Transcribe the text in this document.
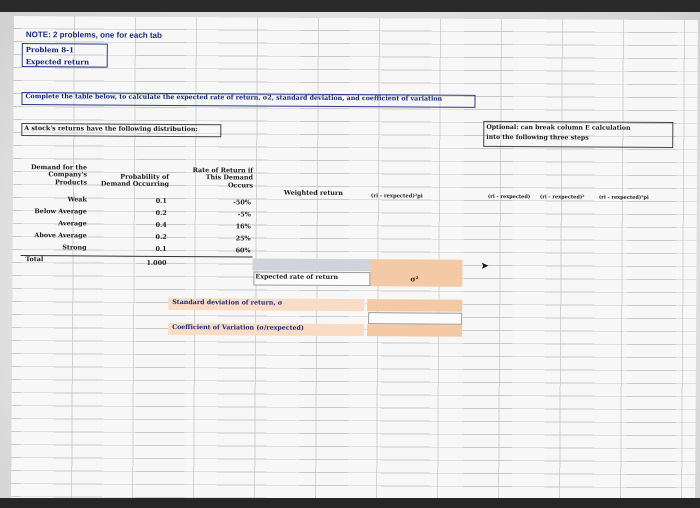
NOTE: 2 problems, one for each tab
Problem 8-1
Expected return
Complete the table below, to calculate the expected rate of return, σ2, standard deviation, and coefficient of variation
A stock's returns have the following distribution:	Optional: can break column E calculation
into the following three steps
Demand for the
Company's
Products
Probability of
Demand Occurring
Rate of Return if
This Demand
Occurs
Weighted return	(ri - rexpected)²pi	(ri - rexpected) (ri - rexpected)²	(ri - rexpected)²pi
Weak	0.1	-50%
Below Average	0.2	-5%
Average	0.4	16%
Above Average	0.2	25%
Strong	0.1	60%
Total	1.000
Expected rate of return	σ²
➤
Standard deviation of return, σ
Coefficient of Variation (σ/rexpected)
